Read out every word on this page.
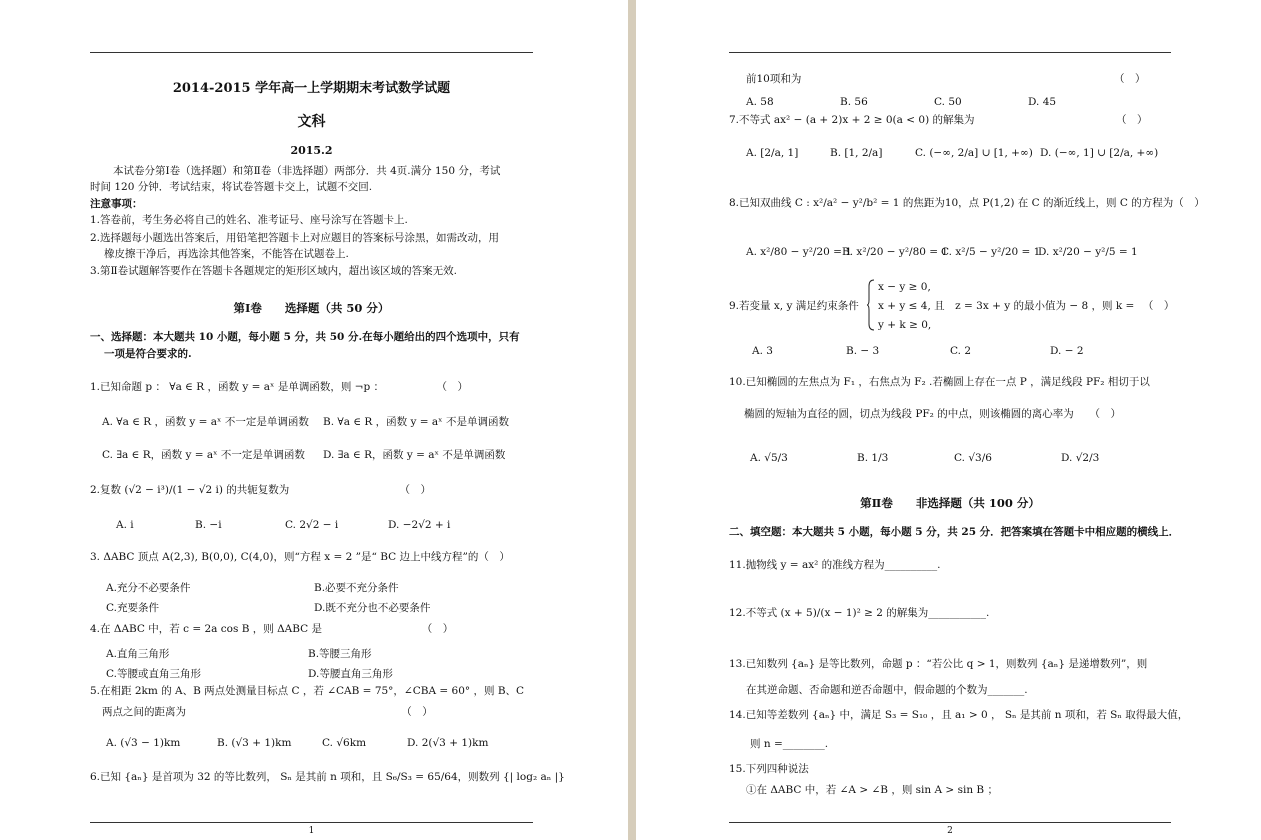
2014-2015 学年高一上学期期末考试数学试题
文科
2015.2
本试卷分第Ⅰ卷（选择题）和第Ⅱ卷（非选择题）两部分．共 4页.满分 150 分，考试
时间 120 分钟．考试结束，将试卷答题卡交上，试题不交回.
注意事项：
1.答卷前，考生务必将自己的姓名、准考证号、座号涂写在答题卡上.
2.选择题每小题选出答案后，用铅笔把答题卡上对应题目的答案标号涂黑，如需改动，用
橡皮擦干净后，再选涂其他答案，不能答在试题卷上.
3.第Ⅱ卷试题解答要作在答题卡各题规定的矩形区域内，超出该区域的答案无效.
第Ⅰ卷　　选择题（共 50 分）
一、选择题：本大题共 10 小题，每小题 5 分，共 50 分.在每小题给出的四个选项中，只有
一项是符合要求的.
1.已知命题 p ： ∀a ∈ R ，函数 y = aˣ 是单调函数，则 ¬p ：　　　　　　（　）
A. ∀a ∈ R ，函数 y = aˣ 不一定是单调函数 B. ∀a ∈ R ，函数 y = aˣ 不是单调函数
C. ∃a ∈ R，函数 y = aˣ 不一定是单调函数 D. ∃a ∈ R，函数 y = aˣ 不是单调函数
2.复数 (√2 − i³)/(1 − √2 i) 的共轭复数为　　　　　　　　　　　（　）
A. i	B. −i	C. 2√2 − i	D. −2√2 + i
3. ΔABC 顶点 A(2,3), B(0,0), C(4,0)，则“方程 x = 2 ”是“ BC 边上中线方程”的（　）
A.充分不必要条件	B.必要不充分条件
C.充要条件	D.既不充分也不必要条件
4.在 ΔABC 中，若 c = 2a cos B ，则 ΔABC 是　　　　　　　　　　（　）
A.直角三角形	B.等腰三角形
C.等腰或直角三角形	D.等腰直角三角形
5.在相距 2km 的 A、B 两点处测量目标点 C ，若 ∠CAB = 75°，∠CBA = 60° ，则 B、C
两点之间的距离为　　　　　　　　　　　　　　　　　　　　　（　）
A. (√3 − 1)km	B. (√3 + 1)km	C. √6km	D. 2(√3 + 1)km
6.已知 {aₙ} 是首项为 32 的等比数列， Sₙ 是其前 n 项和，且 S₆/S₃ = 65/64，则数列 {| log₂ aₙ |}
1
前10项和为	（　）
A. 58	B. 56	C. 50	D. 45
7.不等式 ax² − (a + 2)x + 2 ≥ 0(a < 0) 的解集为	（　）
A. [2/a, 1]	B. [1, 2/a]	C. (−∞, 2/a] ∪ [1, +∞) D. (−∞, 1] ∪ [2/a, +∞)
8.已知双曲线 C : x²/a² − y²/b² = 1 的焦距为10，点 P(1,2) 在 C 的渐近线上，则 C 的方程为（　）
A. x²/80 − y²/20 = 1
B. x²/20 − y²/80 = 1
C. x²/5 − y²/20 = 1
D. x²/20 − y²/5 = 1
9.若变量 x, y 满足约束条件
x − y ≥ 0,
x + y ≤ 4, 且　z = 3x + y 的最小值为 − 8 ，则 k = 　（　）
y + k ≥ 0,
A. 3	B. − 3	C. 2	D. − 2
10.已知椭圆的左焦点为 F₁ ，右焦点为 F₂ .若椭圆上存在一点 P ，满足线段 PF₂ 相切于以
椭圆的短轴为直径的圆，切点为线段 PF₂ 的中点，则该椭圆的离心率为　　（　）
A. √5/3	B. 1/3	C. √3/6	D. √2/3
第Ⅱ卷　　非选择题（共 100 分）
二、填空题：本大题共 5 小题，每小题 5 分，共 25 分．把答案填在答题卡中相应题的横线上．
11.抛物线 y = ax² 的准线方程为__________.
12.不等式 (x + 5)/(x − 1)² ≥ 2 的解集为___________.
13.已知数列 {aₙ} 是等比数列，命题 p ：“若公比 q > 1，则数列 {aₙ} 是递增数列”，则
在其逆命题、否命题和逆否命题中，假命题的个数为_______.
14.已知等差数列 {aₙ} 中，满足 S₃ = S₁₀ ，且 a₁ > 0 ， Sₙ 是其前 n 项和，若 Sₙ 取得最大值，
则 n =________.
15.下列四种说法
①在 ΔABC 中，若 ∠A > ∠B ，则 sin A > sin B ；
2
